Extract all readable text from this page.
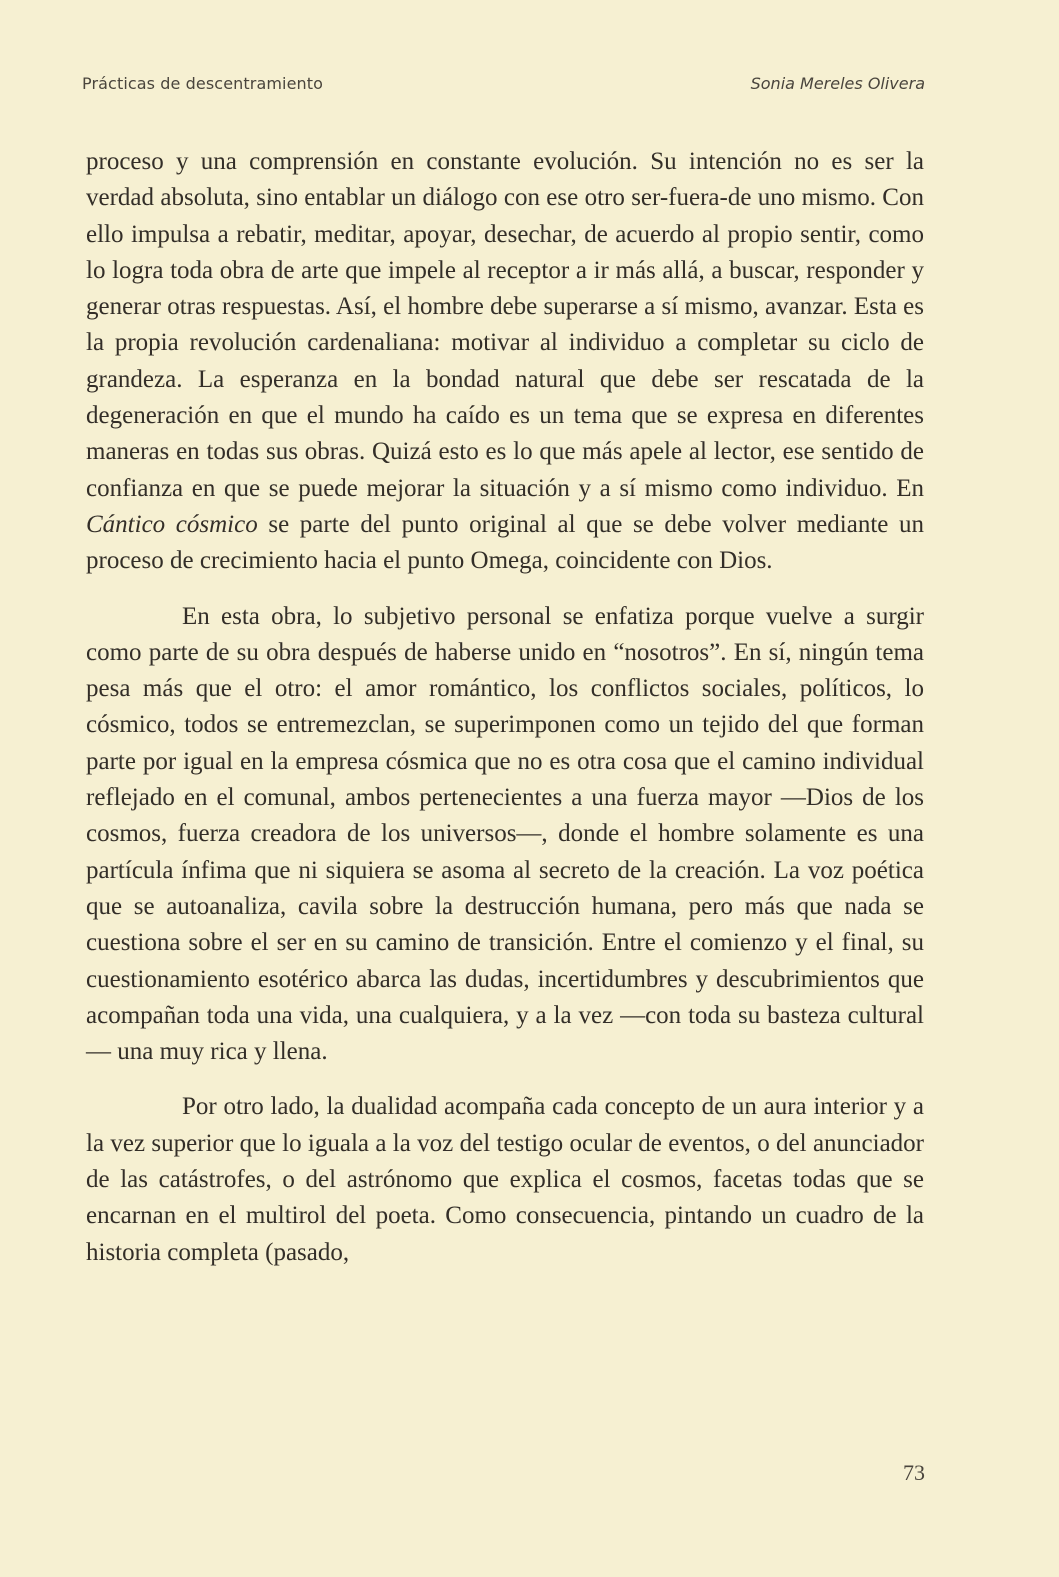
Prácticas de descentramiento	Sonia Mereles Olivera

proceso y una comprensión en constante evolución. Su intención no es ser la verdad absoluta, sino entablar un diálogo con ese otro ser-fuera-de uno mismo. Con ello impulsa a rebatir, meditar, apoyar, desechar, de acuerdo al propio sentir, como lo logra toda obra de arte que impele al receptor a ir más allá, a buscar, responder y generar otras respuestas. Así, el hombre debe superarse a sí mismo, avanzar. Esta es la propia revolución cardenaliana: motivar al individuo a completar su ciclo de grandeza. La esperanza en la bondad natural que debe ser rescatada de la degeneración en que el mundo ha caído es un tema que se expresa en diferentes maneras en todas sus obras. Quizá esto es lo que más apele al lector, ese sentido de confianza en que se puede mejorar la situación y a sí mismo como individuo. En Cántico cósmico se parte del punto original al que se debe volver mediante un proceso de crecimiento hacia el punto Omega, coincidente con Dios.

En esta obra, lo subjetivo personal se enfatiza porque vuelve a surgir como parte de su obra después de haberse unido en “nosotros”. En sí, ningún tema pesa más que el otro: el amor romántico, los conflictos sociales, políticos, lo cósmico, todos se entremezclan, se superimponen como un tejido del que forman parte por igual en la empresa cósmica que no es otra cosa que el camino individual reflejado en el comunal, ambos pertenecientes a una fuerza mayor —Dios de los cosmos, fuerza creadora de los universos—, donde el hombre solamente es una partícula ínfima que ni siquiera se asoma al secreto de la creación. La voz poética que se autoanaliza, cavila sobre la destrucción humana, pero más que nada se cuestiona sobre el ser en su camino de transición. Entre el comienzo y el final, su cuestionamiento esotérico abarca las dudas, incertidumbres y descubrimientos que acompañan toda una vida, una cualquiera, y a la vez —con toda su basteza cultural— una muy rica y llena.

Por otro lado, la dualidad acompaña cada concepto de un aura interior y a la vez superior que lo iguala a la voz del testigo ocular de eventos, o del anunciador de las catástrofes, o del astrónomo que explica el cosmos, facetas todas que se encarnan en el multirol del poeta. Como consecuencia, pintando un cuadro de la historia completa (pasado,

73
